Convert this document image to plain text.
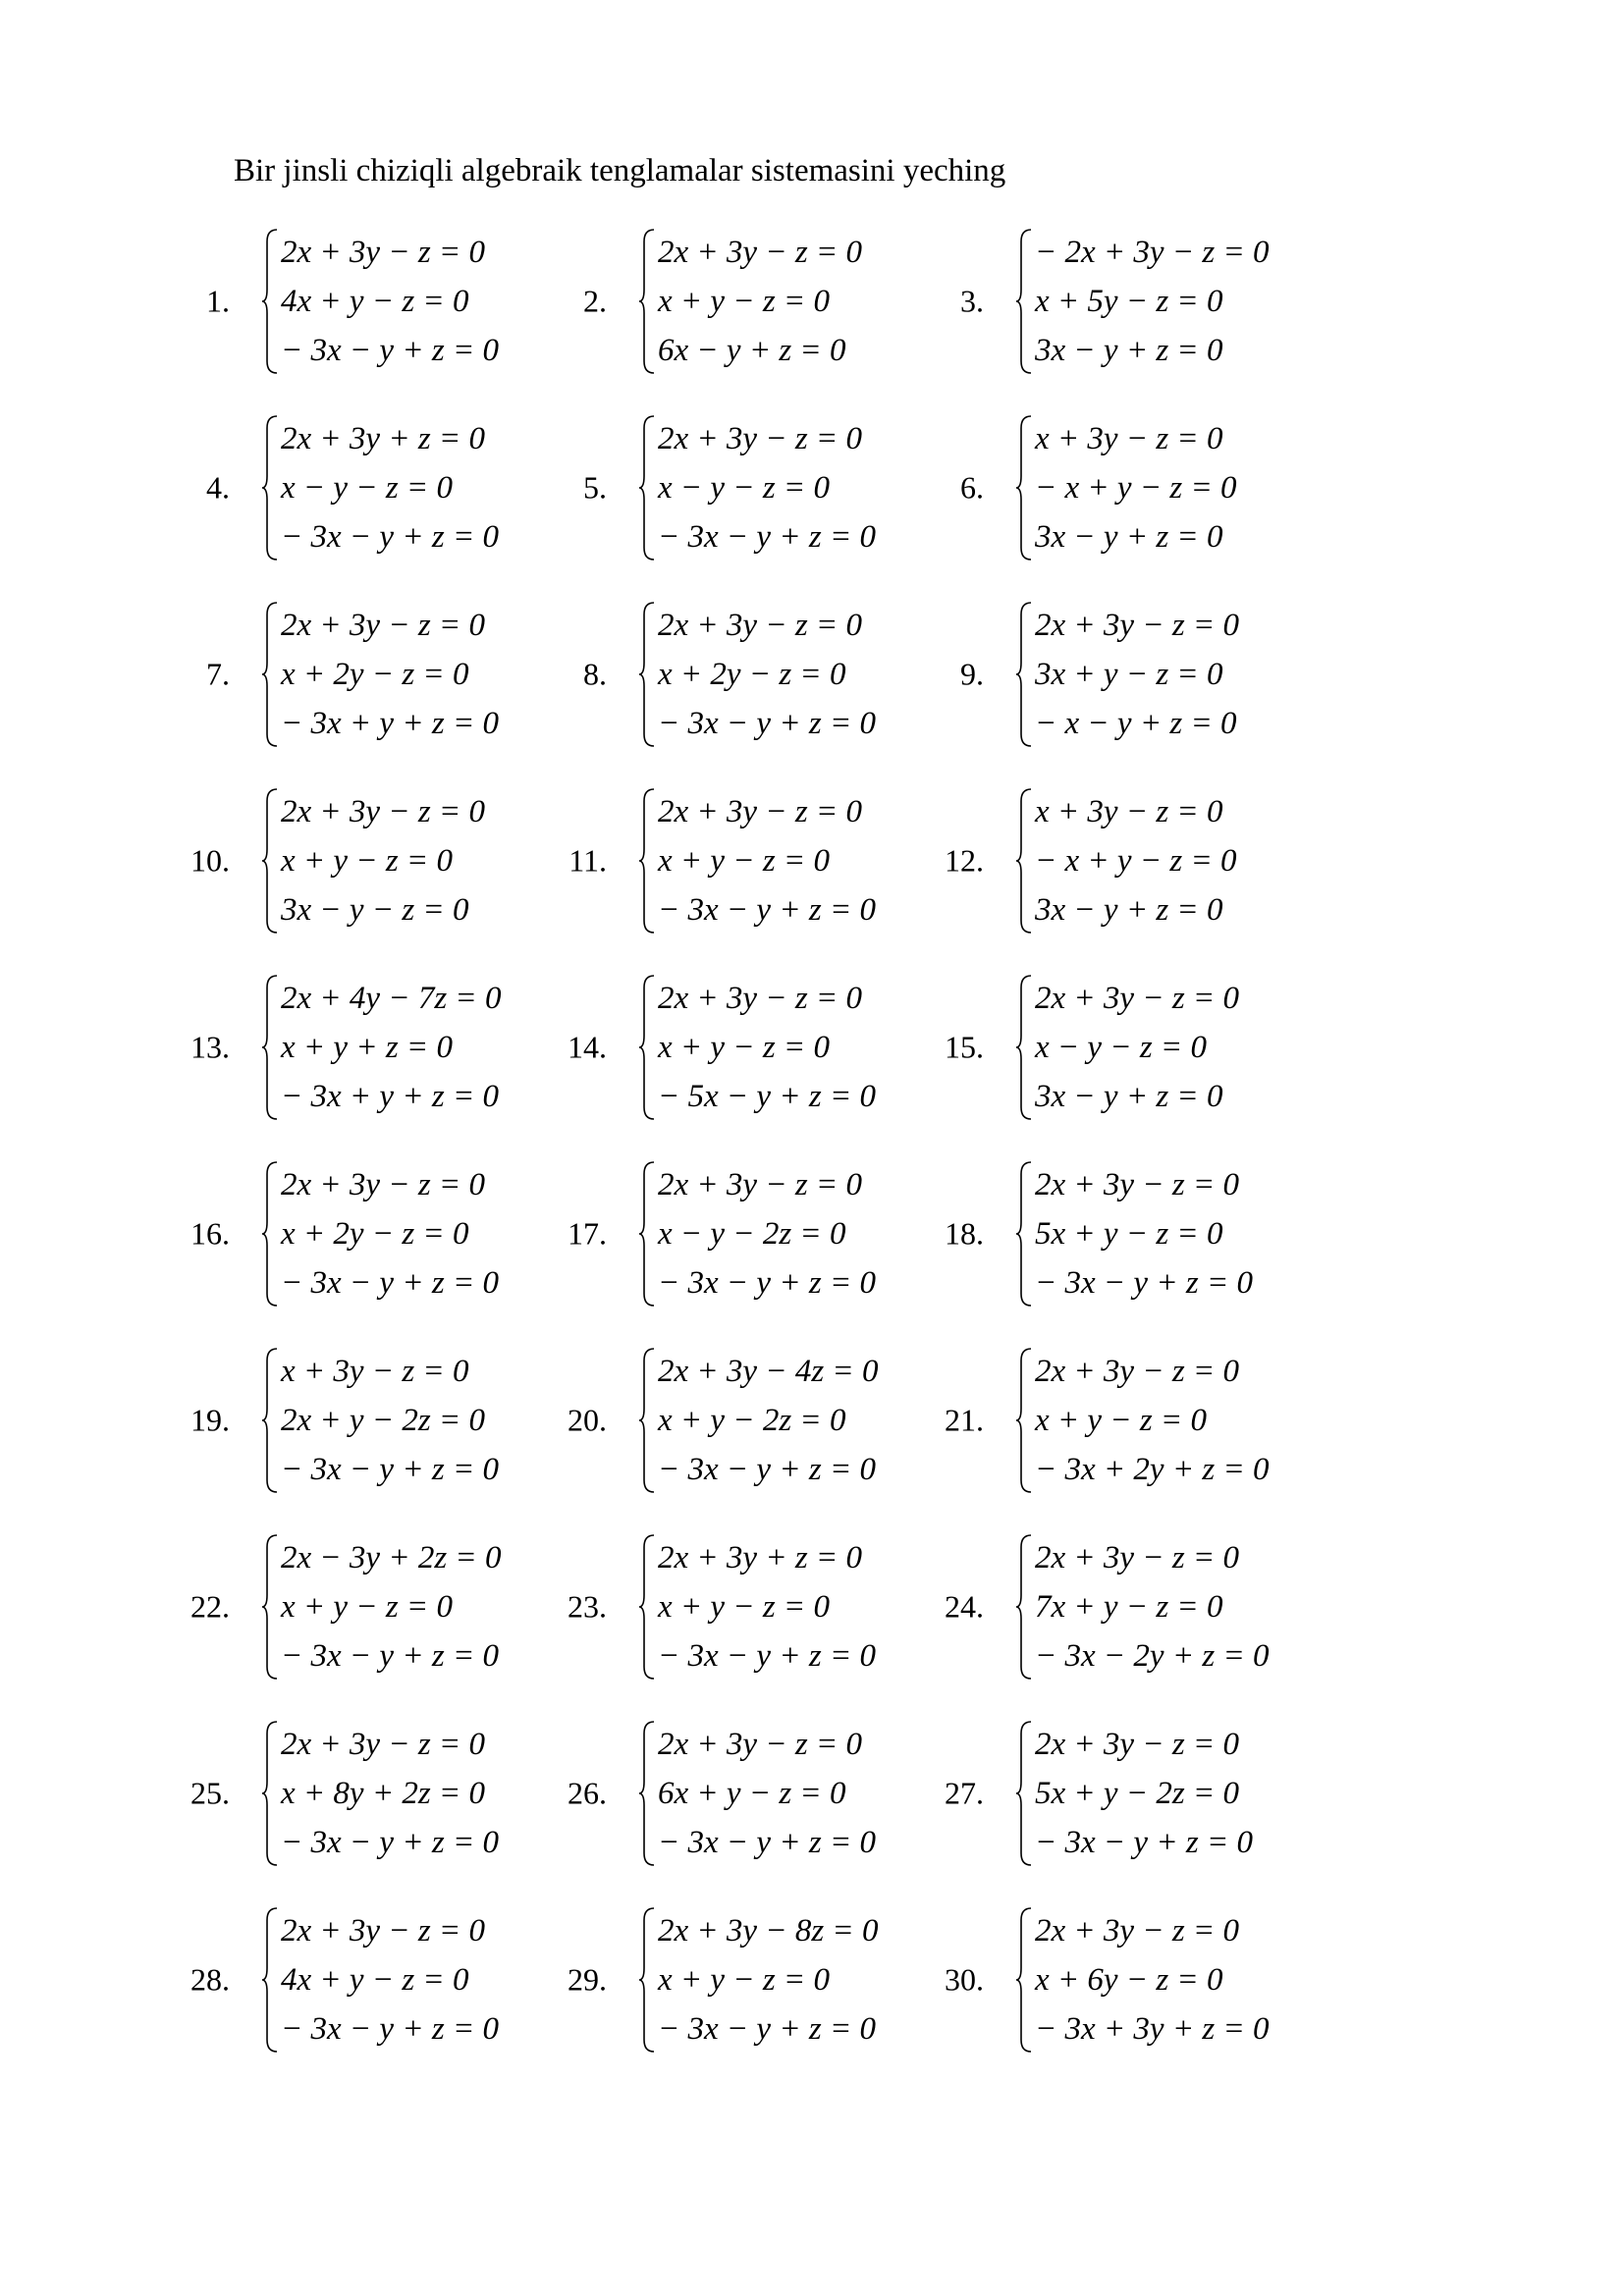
Bir jinsli chiziqli algebraik tenglamalar sistemasini yeching
1.
2x + 3y − z = 0
4x + y − z = 0
− 3x − y + z = 0
2.
2x + 3y − z = 0
x + y − z = 0
6x − y + z = 0
3.
− 2x + 3y − z = 0
x + 5y − z = 0
3x − y + z = 0
4.
2x + 3y + z = 0
x − y − z = 0
− 3x − y + z = 0
5.
2x + 3y − z = 0
x − y − z = 0
− 3x − y + z = 0
6.
x + 3y − z = 0
− x + y − z = 0
3x − y + z = 0
7.
2x + 3y − z = 0
x + 2y − z = 0
− 3x + y + z = 0
8.
2x + 3y − z = 0
x + 2y − z = 0
− 3x − y + z = 0
9.
2x + 3y − z = 0
3x + y − z = 0
− x − y + z = 0
10.
2x + 3y − z = 0
x + y − z = 0
3x − y − z = 0
11.
2x + 3y − z = 0
x + y − z = 0
− 3x − y + z = 0
12.
x + 3y − z = 0
− x + y − z = 0
3x − y + z = 0
13.
2x + 4y − 7z = 0
x + y + z = 0
− 3x + y + z = 0
14.
2x + 3y − z = 0
x + y − z = 0
− 5x − y + z = 0
15.
2x + 3y − z = 0
x − y − z = 0
3x − y + z = 0
16.
2x + 3y − z = 0
x + 2y − z = 0
− 3x − y + z = 0
17.
2x + 3y − z = 0
x − y − 2z = 0
− 3x − y + z = 0
18.
2x + 3y − z = 0
5x + y − z = 0
− 3x − y + z = 0
19.
x + 3y − z = 0
2x + y − 2z = 0
− 3x − y + z = 0
20.
2x + 3y − 4z = 0
x + y − 2z = 0
− 3x − y + z = 0
21.
2x + 3y − z = 0
x + y − z = 0
− 3x + 2y + z = 0
22.
2x − 3y + 2z = 0
x + y − z = 0
− 3x − y + z = 0
23.
2x + 3y + z = 0
x + y − z = 0
− 3x − y + z = 0
24.
2x + 3y − z = 0
7x + y − z = 0
− 3x − 2y + z = 0
25.
2x + 3y − z = 0
x + 8y + 2z = 0
− 3x − y + z = 0
26.
2x + 3y − z = 0
6x + y − z = 0
− 3x − y + z = 0
27.
2x + 3y − z = 0
5x + y − 2z = 0
− 3x − y + z = 0
28.
2x + 3y − z = 0
4x + y − z = 0
− 3x − y + z = 0
29.
2x + 3y − 8z = 0
x + y − z = 0
− 3x − y + z = 0
30.
2x + 3y − z = 0
x + 6y − z = 0
− 3x + 3y + z = 0
